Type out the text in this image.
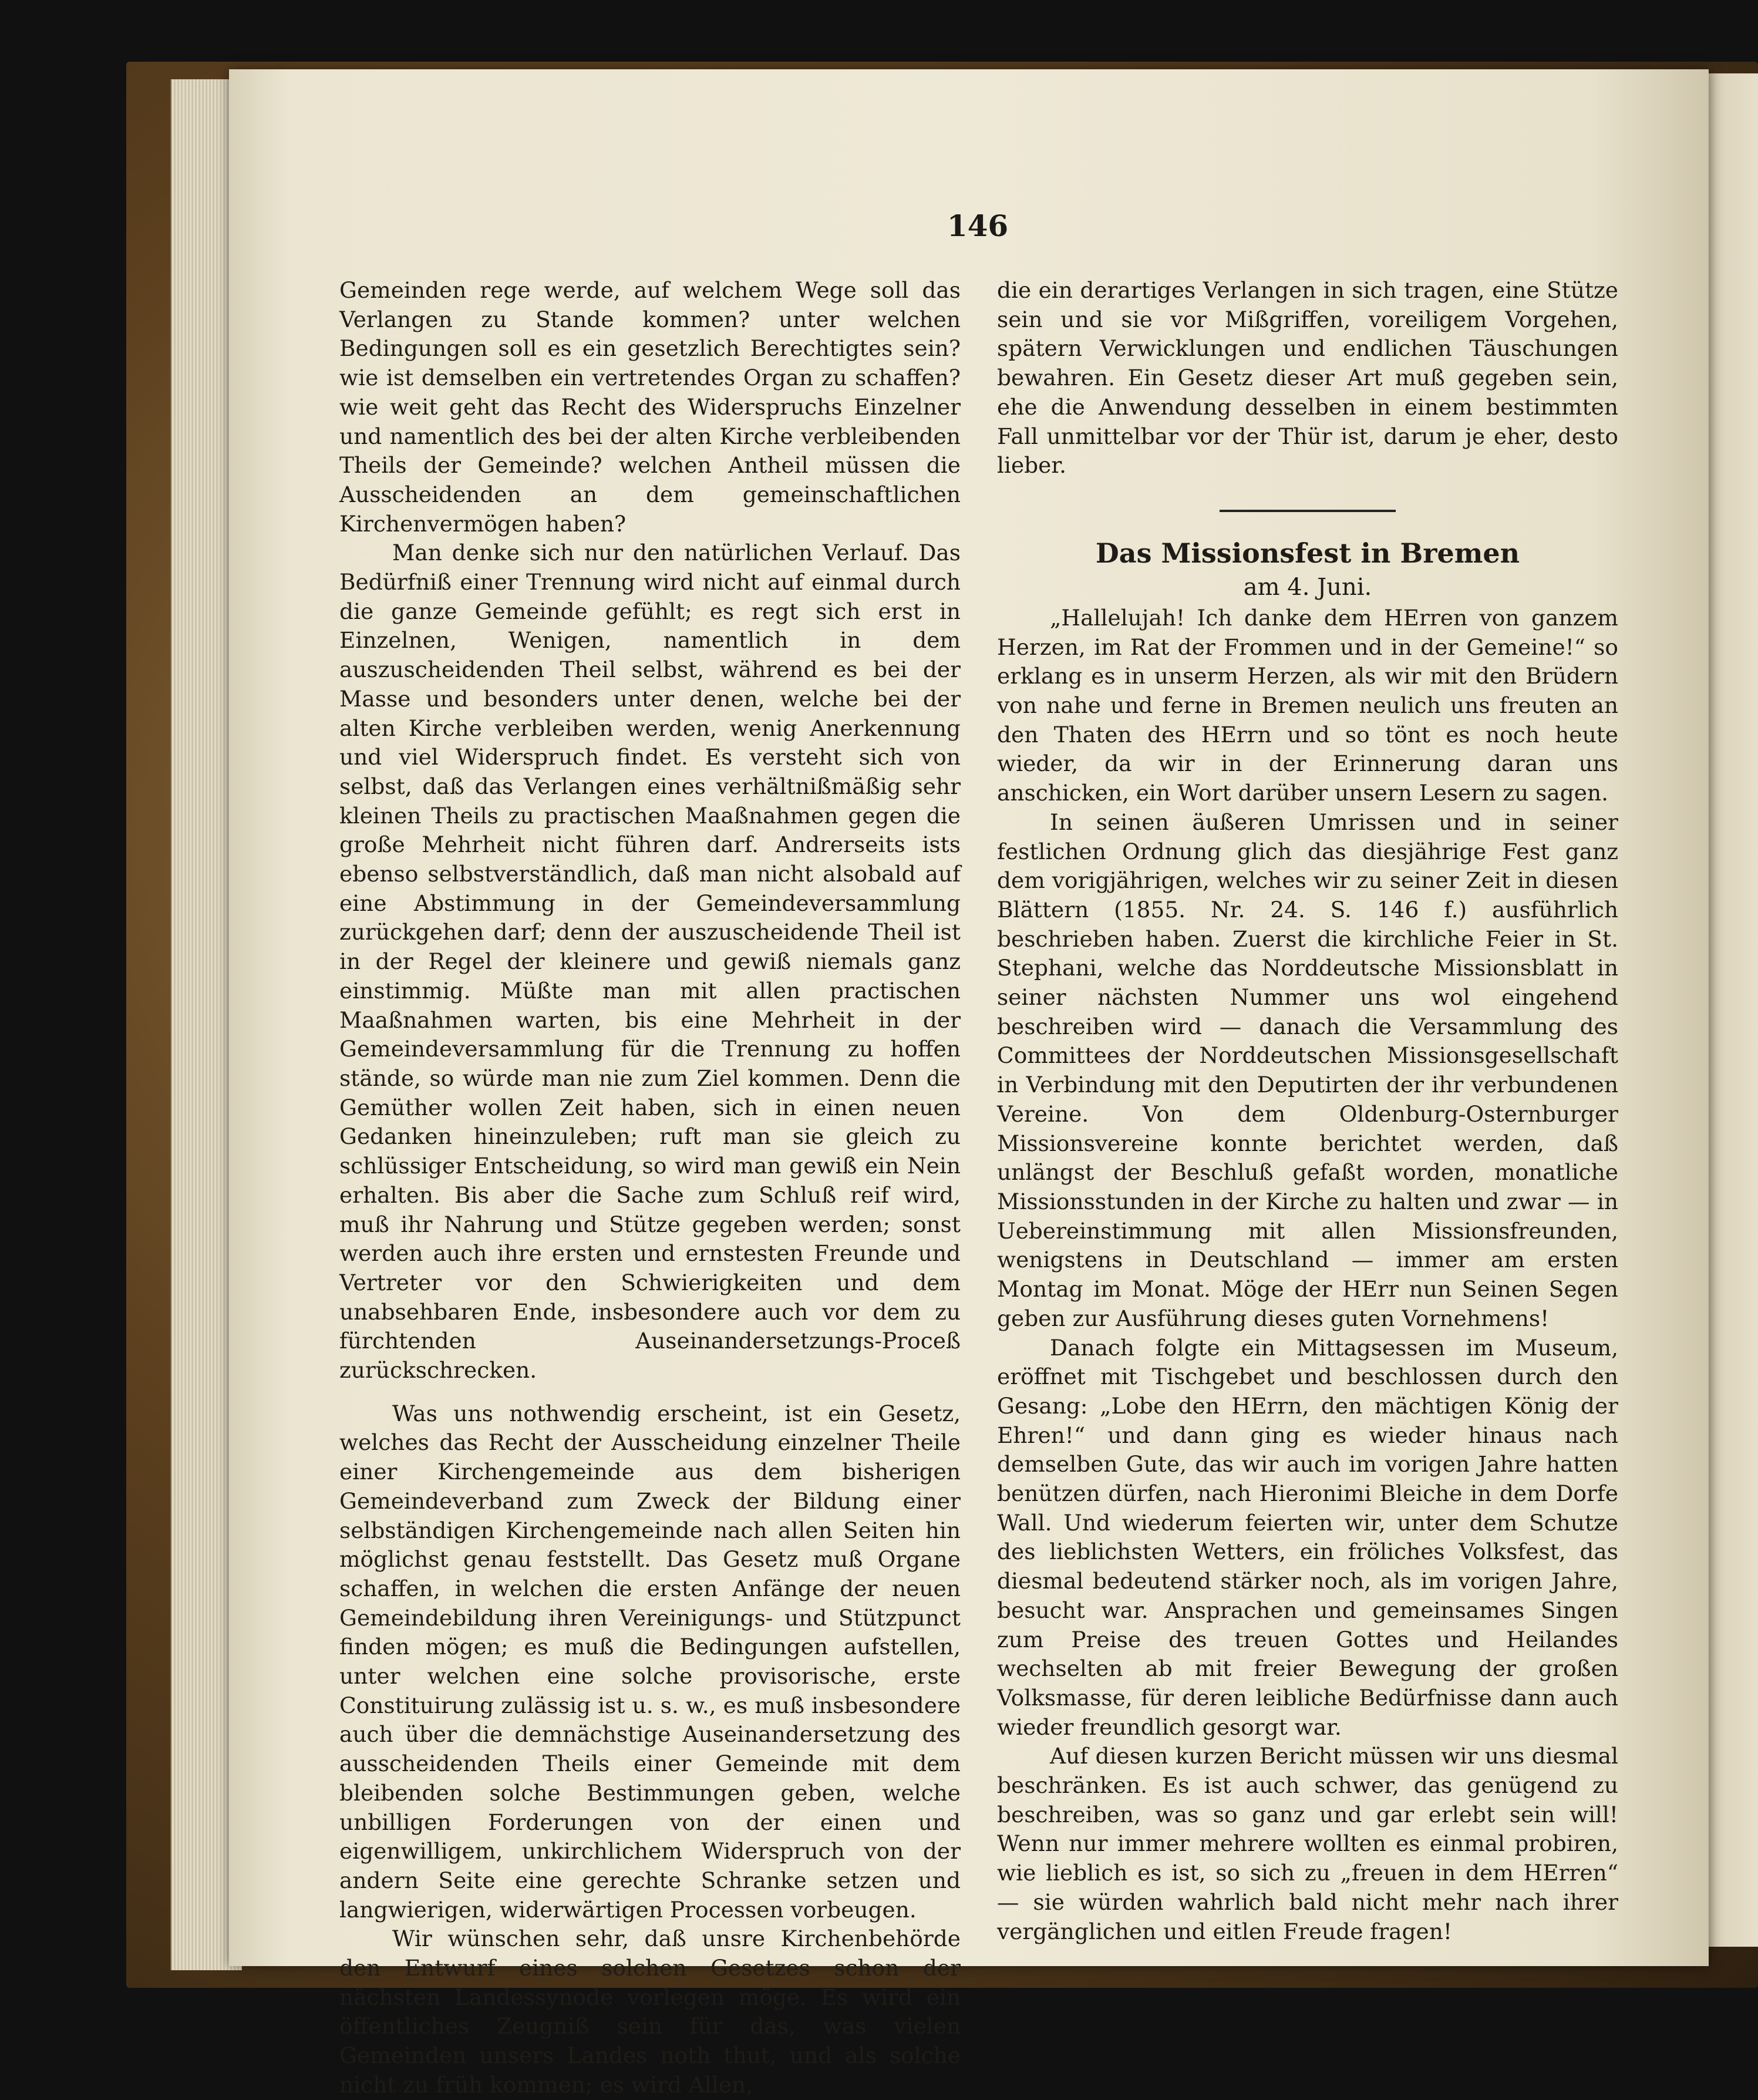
146

Gemeinden rege werde, auf welchem Wege soll das Verlangen zu Stande kommen? unter welchen Bedingungen soll es ein gesetzlich Berechtigtes sein? wie ist demselben ein vertretendes Organ zu schaffen? wie weit geht das Recht des Widerspruchs Einzelner und namentlich des bei der alten Kirche verbleibenden Theils der Gemeinde? welchen Antheil müssen die Ausscheidenden an dem gemeinschaftlichen Kirchenvermögen haben?

Man denke sich nur den natürlichen Verlauf. Das Bedürfniß einer Trennung wird nicht auf einmal durch die ganze Gemeinde gefühlt; es regt sich erst in Einzelnen, Wenigen, namentlich in dem auszuscheidenden Theil selbst, während es bei der Masse und besonders unter denen, welche bei der alten Kirche verbleiben werden, wenig Anerkennung und viel Widerspruch findet. Es versteht sich von selbst, daß das Verlangen eines verhältnißmäßig sehr kleinen Theils zu practischen Maaßnahmen gegen die große Mehrheit nicht führen darf. Andrerseits ists ebenso selbstverständlich, daß man nicht alsobald auf eine Abstimmung in der Gemeindeversammlung zurückgehen darf; denn der auszuscheidende Theil ist in der Regel der kleinere und gewiß niemals ganz einstimmig. Müßte man mit allen practischen Maaßnahmen warten, bis eine Mehrheit in der Gemeindeversammlung für die Trennung zu hoffen stände, so würde man nie zum Ziel kommen. Denn die Gemüther wollen Zeit haben, sich in einen neuen Gedanken hineinzuleben; ruft man sie gleich zu schlüssiger Entscheidung, so wird man gewiß ein Nein erhalten. Bis aber die Sache zum Schluß reif wird, muß ihr Nahrung und Stütze gegeben werden; sonst werden auch ihre ersten und ernstesten Freunde und Vertreter vor den Schwierigkeiten und dem unabsehbaren Ende, insbesondere auch vor dem zu fürchtenden Auseinandersetzungs-Proceß zurückschrecken.

Was uns nothwendig erscheint, ist ein Gesetz, welches das Recht der Ausscheidung einzelner Theile einer Kirchengemeinde aus dem bisherigen Gemeindeverband zum Zweck der Bildung einer selbständigen Kirchengemeinde nach allen Seiten hin möglichst genau feststellt. Das Gesetz muß Organe schaffen, in welchen die ersten Anfänge der neuen Gemeindebildung ihren Vereinigungs- und Stützpunct finden mögen; es muß die Bedingungen aufstellen, unter welchen eine solche provisorische, erste Constituirung zulässig ist u. s. w., es muß insbesondere auch über die demnächstige Auseinandersetzung des ausscheidenden Theils einer Gemeinde mit dem bleibenden solche Bestimmungen geben, welche unbilligen Forderungen von der einen und eigenwilligem, unkirchlichem Widerspruch von der andern Seite eine gerechte Schranke setzen und langwierigen, widerwärtigen Processen vorbeugen.

Wir wünschen sehr, daß unsre Kirchenbehörde den Entwurf eines solchen Gesetzes schon der nächsten Landessynode vorlegen möge. Es wird ein öffentliches Zeugniß sein für das, was vielen Gemeinden unsers Landes noth thut, und als solche nicht zu früh kommen; es wird Allen,

die ein derartiges Verlangen in sich tragen, eine Stütze sein und sie vor Mißgriffen, voreiligem Vorgehen, spätern Verwicklungen und endlichen Täuschungen bewahren. Ein Gesetz dieser Art muß gegeben sein, ehe die Anwendung desselben in einem bestimmten Fall unmittelbar vor der Thür ist, darum je eher, desto lieber.

Das Missionsfest in Bremen

am 4. Juni.

„Hallelujah! Ich danke dem HErren von ganzem Herzen, im Rat der Frommen und in der Gemeine!“ so erklang es in unserm Herzen, als wir mit den Brüdern von nahe und ferne in Bremen neulich uns freuten an den Thaten des HErrn und so tönt es noch heute wieder, da wir in der Erinnerung daran uns anschicken, ein Wort darüber unsern Lesern zu sagen.

In seinen äußeren Umrissen und in seiner festlichen Ordnung glich das diesjährige Fest ganz dem vorigjährigen, welches wir zu seiner Zeit in diesen Blättern (1855. Nr. 24. S. 146 f.) ausführlich beschrieben haben. Zuerst die kirchliche Feier in St. Stephani, welche das Norddeutsche Missionsblatt in seiner nächsten Nummer uns wol eingehend beschreiben wird — danach die Versammlung des Committees der Norddeutschen Missionsgesellschaft in Verbindung mit den Deputirten der ihr verbundenen Vereine. Von dem Oldenburg-Osternburger Missionsvereine konnte berichtet werden, daß unlängst der Beschluß gefaßt worden, monatliche Missionsstunden in der Kirche zu halten und zwar — in Uebereinstimmung mit allen Missionsfreunden, wenigstens in Deutschland — immer am ersten Montag im Monat. Möge der HErr nun Seinen Segen geben zur Ausführung dieses guten Vornehmens!

Danach folgte ein Mittagsessen im Museum, eröffnet mit Tischgebet und beschlossen durch den Gesang: „Lobe den HErrn, den mächtigen König der Ehren!“ und dann ging es wieder hinaus nach demselben Gute, das wir auch im vorigen Jahre hatten benützen dürfen, nach Hieronimi Bleiche in dem Dorfe Wall. Und wiederum feierten wir, unter dem Schutze des lieblichsten Wetters, ein fröliches Volksfest, das diesmal bedeutend stärker noch, als im vorigen Jahre, besucht war. Ansprachen und gemeinsames Singen zum Preise des treuen Gottes und Heilandes wechselten ab mit freier Bewegung der großen Volksmasse, für deren leibliche Bedürfnisse dann auch wieder freundlich gesorgt war.

Auf diesen kurzen Bericht müssen wir uns diesmal beschränken. Es ist auch schwer, das genügend zu beschreiben, was so ganz und gar erlebt sein will! Wenn nur immer mehrere wollten es einmal probiren, wie lieblich es ist, so sich zu „freuen in dem HErren“ — sie würden wahrlich bald nicht mehr nach ihrer vergänglichen und eitlen Freude fragen!
